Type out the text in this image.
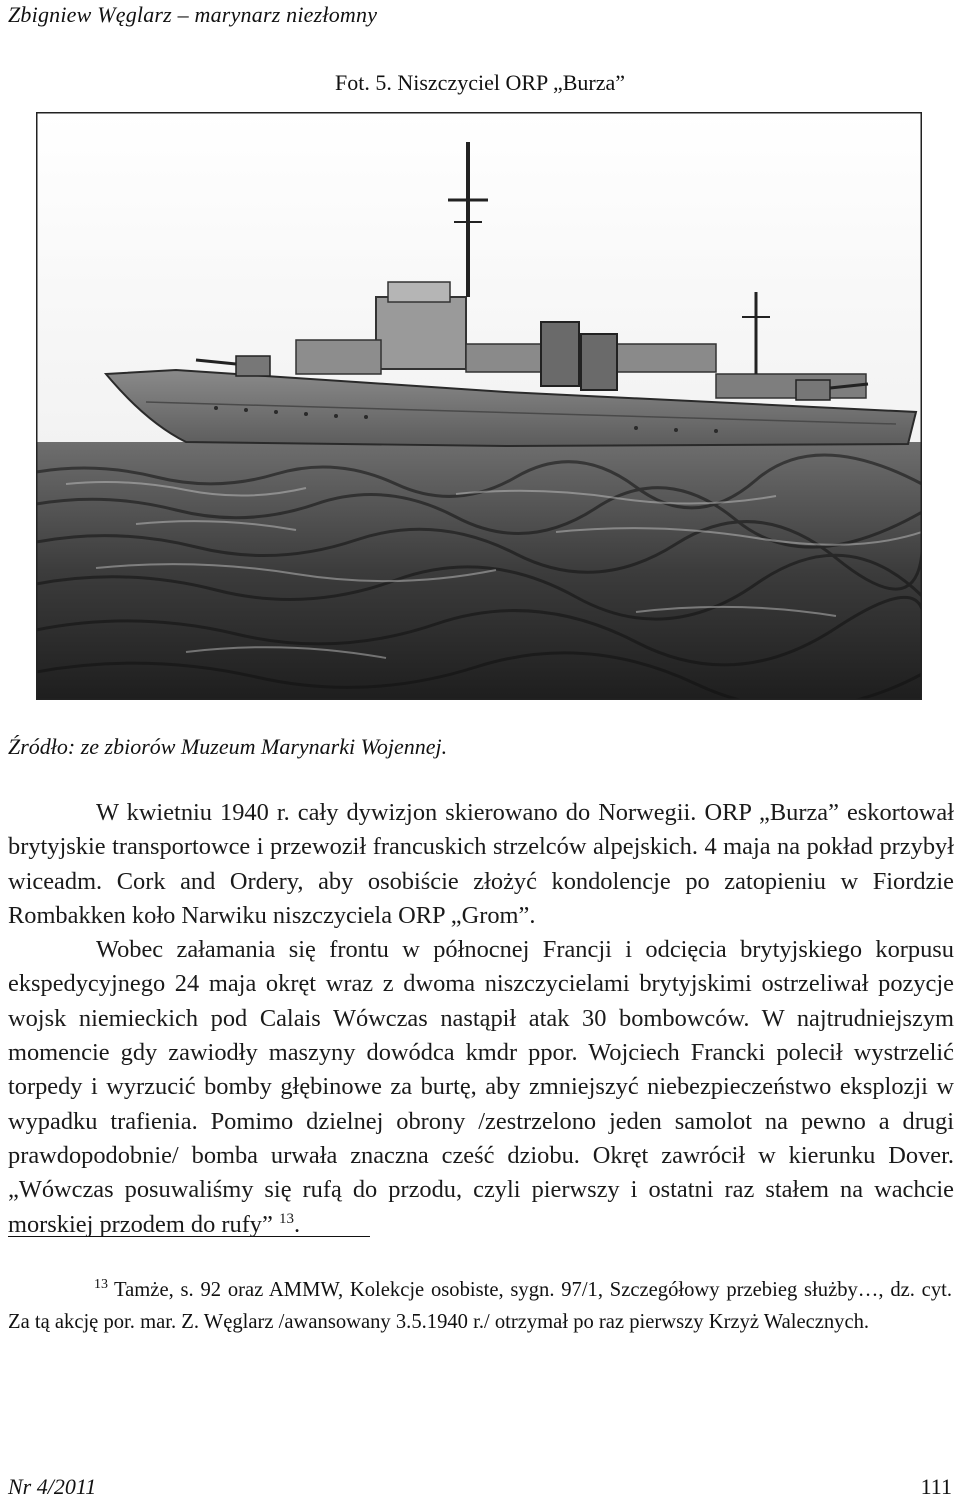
Zbigniew Węglarz – marynarz niezłomny
Fot. 5. Niszczyciel ORP „Burza”
Źródło: ze zbiorów Muzeum Marynarki Wojennej.

W kwietniu 1940 r. cały dywizjon skierowano do Norwegii. ORP „Burza” eskortował brytyjskie transportowce i przewoził francuskich strzelców alpejskich. 4 maja na pokład przybył wiceadm. Cork and Ordery, aby osobiście złożyć kondolencje po zatopieniu w Fiordzie Rombakken koło Narwiku niszczyciela ORP „Grom”.

Wobec załamania się frontu w północnej Francji i odcięcia brytyjskiego korpusu ekspedycyjnego 24 maja okręt wraz z dwoma niszczycielami brytyjskimi ostrzeliwał pozycje wojsk niemieckich pod Calais Wówczas nastąpił atak 30 bombowców. W najtrudniejszym momencie gdy zawiodły maszyny dowódca kmdr ppor. Wojciech Francki polecił wystrzelić torpedy i wyrzucić bomby głębinowe za burtę, aby zmniejszyć niebezpieczeństwo eksplozji w wypadku trafienia. Pomimo dzielnej obrony /zestrzelono jeden samolot na pewno a drugi prawdopodobnie/ bomba urwała znaczna cześć dziobu. Okręt zawrócił w kierunku Dover. „Wówczas posuwaliśmy się rufą do przodu, czyli pierwszy i ostatni raz stałem na wachcie morskiej przodem do rufy” $^{13}$.

$^{13}$ Tamże, s. 92 oraz AMMW, Kolekcje osobiste, sygn. 97/1, Szczegółowy przebieg służby…, dz. cyt. Za tą akcję por. mar. Z. Węglarz /awansowany 3.5.1940 r./ otrzymał po raz pierwszy Krzyż Walecznych.
Nr 4/2011	111
